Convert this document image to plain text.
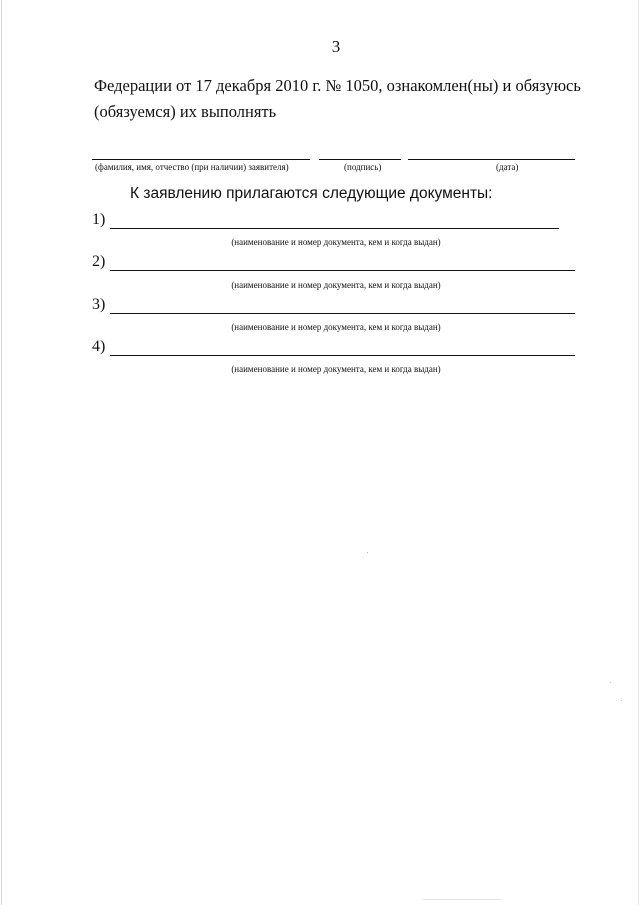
3
Федерации от 17 декабря 2010 г. № 1050, ознакомлен(ны) и обязуюсь
(обязуемся) их выполнять
(фамилия, имя, отчество (при наличии) заявителя)	(подпись)	(дата)
К заявлению прилагаются следующие документы:
1)
(наименование и номер документа, кем и когда выдан)
2)
(наименование и номер документа, кем и когда выдан)
3)
(наименование и номер документа, кем и когда выдан)
4)
(наименование и номер документа, кем и когда выдан)
